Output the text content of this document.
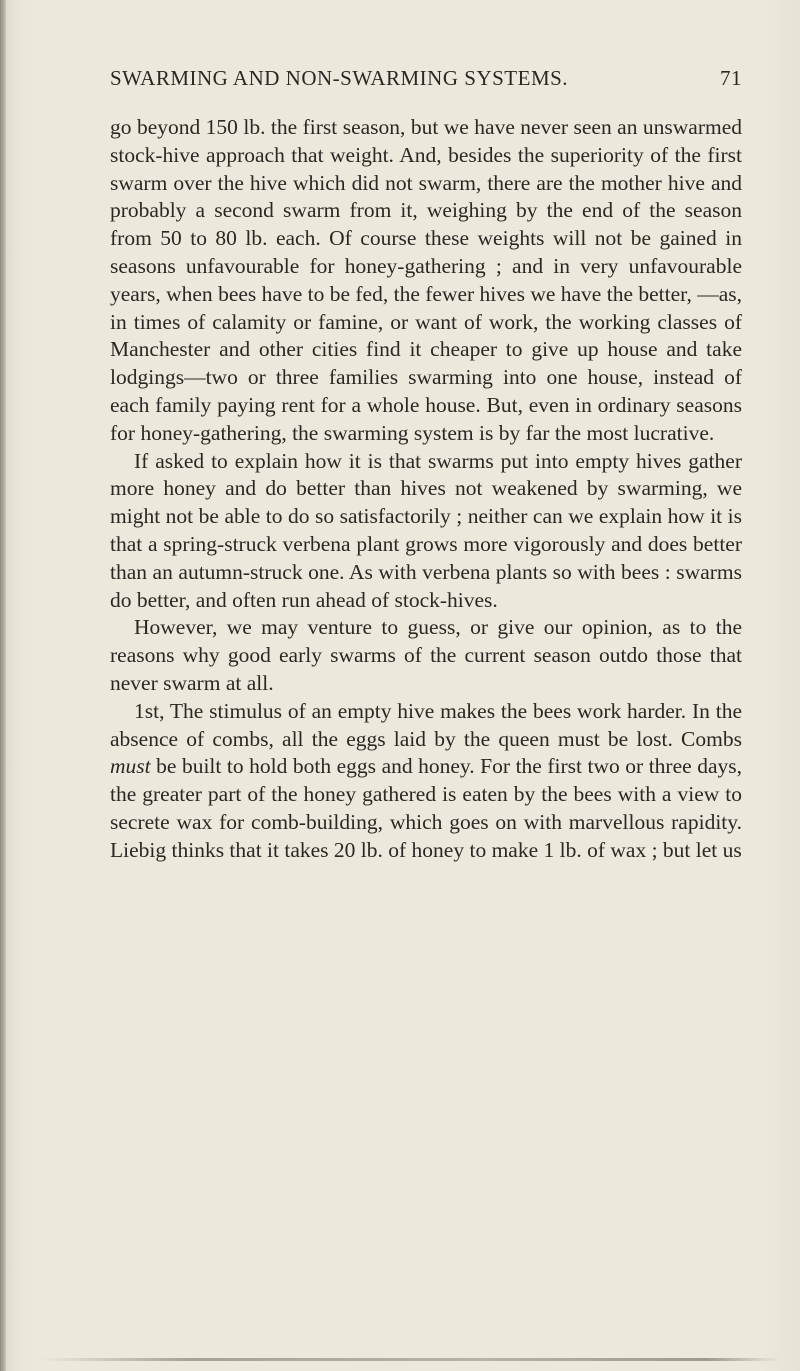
SWARMING AND NON-SWARMING SYSTEMS.	71

go beyond 150 lb. the first season, but we have never seen an unswarmed stock-hive approach that weight. And, besides the superiority of the first swarm over the hive which did not swarm, there are the mother hive and probably a second swarm from it, weighing by the end of the season from 50 to 80 lb. each. Of course these weights will not be gained in seasons unfavourable for honey-gathering ; and in very unfavourable years, when bees have to be fed, the fewer hives we have the better, —as, in times of calamity or famine, or want of work, the working classes of Manchester and other cities find it cheaper to give up house and take lodgings—two or three families swarming into one house, instead of each family paying rent for a whole house. But, even in ordinary seasons for honey-gathering, the swarming system is by far the most lucrative.

If asked to explain how it is that swarms put into empty hives gather more honey and do better than hives not weakened by swarming, we might not be able to do so satisfactorily ; neither can we explain how it is that a spring-struck verbena plant grows more vigorously and does better than an autumn-struck one. As with verbena plants so with bees : swarms do better, and often run ahead of stock-hives.

However, we may venture to guess, or give our opinion, as to the reasons why good early swarms of the current season outdo those that never swarm at all.

1st, The stimulus of an empty hive makes the bees work harder. In the absence of combs, all the eggs laid by the queen must be lost. Combs must be built to hold both eggs and honey. For the first two or three days, the greater part of the honey gathered is eaten by the bees with a view to secrete wax for comb-building, which goes on with marvellous rapidity. Liebig thinks that it takes 20 lb. of honey to make 1 lb. of wax ; but let us
